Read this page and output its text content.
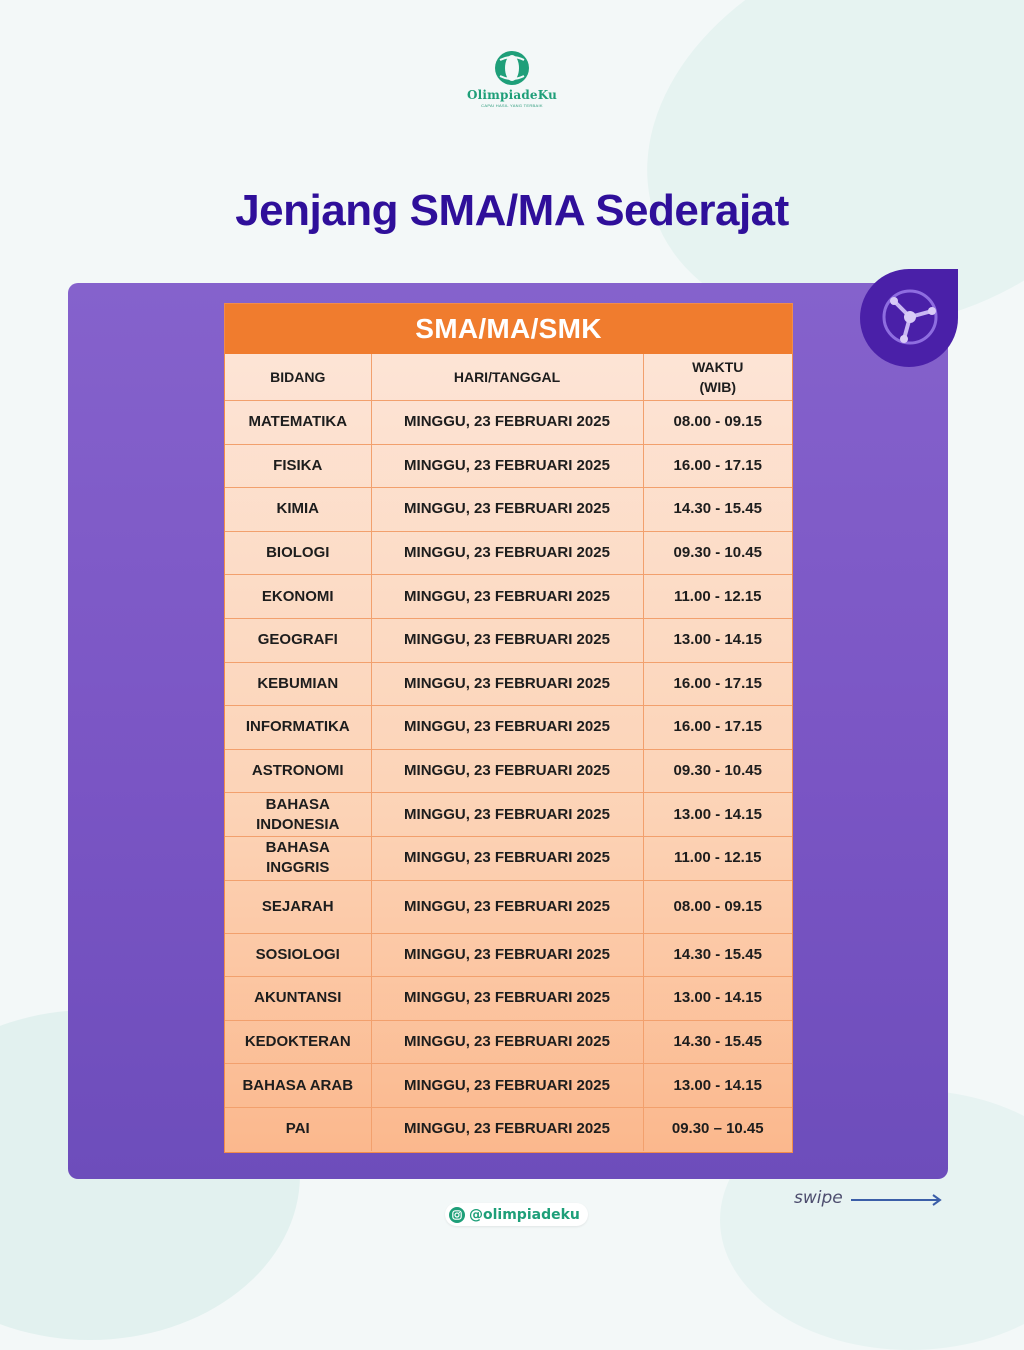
OlimpiadeKu
CAPAI HASIL YANG TERBAIK
Jenjang SMA/MA Sederajat
SMA/MA/SMK
BIDANG	HARI/TANGGAL	WAKTU
(WIB)
MATEMATIKA	MINGGU, 23 FEBRUARI 2025	08.00 - 09.15
FISIKA	MINGGU, 23 FEBRUARI 2025	16.00 - 17.15
KIMIA	MINGGU, 23 FEBRUARI 2025	14.30 - 15.45
BIOLOGI	MINGGU, 23 FEBRUARI 2025	09.30 - 10.45
EKONOMI	MINGGU, 23 FEBRUARI 2025	11.00 - 12.15
GEOGRAFI	MINGGU, 23 FEBRUARI 2025	13.00 - 14.15
KEBUMIAN	MINGGU, 23 FEBRUARI 2025	16.00 - 17.15
INFORMATIKA	MINGGU, 23 FEBRUARI 2025	16.00 - 17.15
ASTRONOMI	MINGGU, 23 FEBRUARI 2025	09.30 - 10.45
BAHASA
INDONESIA	MINGGU, 23 FEBRUARI 2025	13.00 - 14.15
BAHASA
INGGRIS	MINGGU, 23 FEBRUARI 2025	11.00 - 12.15
SEJARAH	MINGGU, 23 FEBRUARI 2025	08.00 - 09.15
SOSIOLOGI	MINGGU, 23 FEBRUARI 2025	14.30 - 15.45
AKUNTANSI	MINGGU, 23 FEBRUARI 2025	13.00 - 14.15
KEDOKTERAN	MINGGU, 23 FEBRUARI 2025	14.30 - 15.45
BAHASA ARAB	MINGGU, 23 FEBRUARI 2025	13.00 - 14.15
PAI	MINGGU, 23 FEBRUARI 2025	09.30 – 10.45
@olimpiadeku
swipe
